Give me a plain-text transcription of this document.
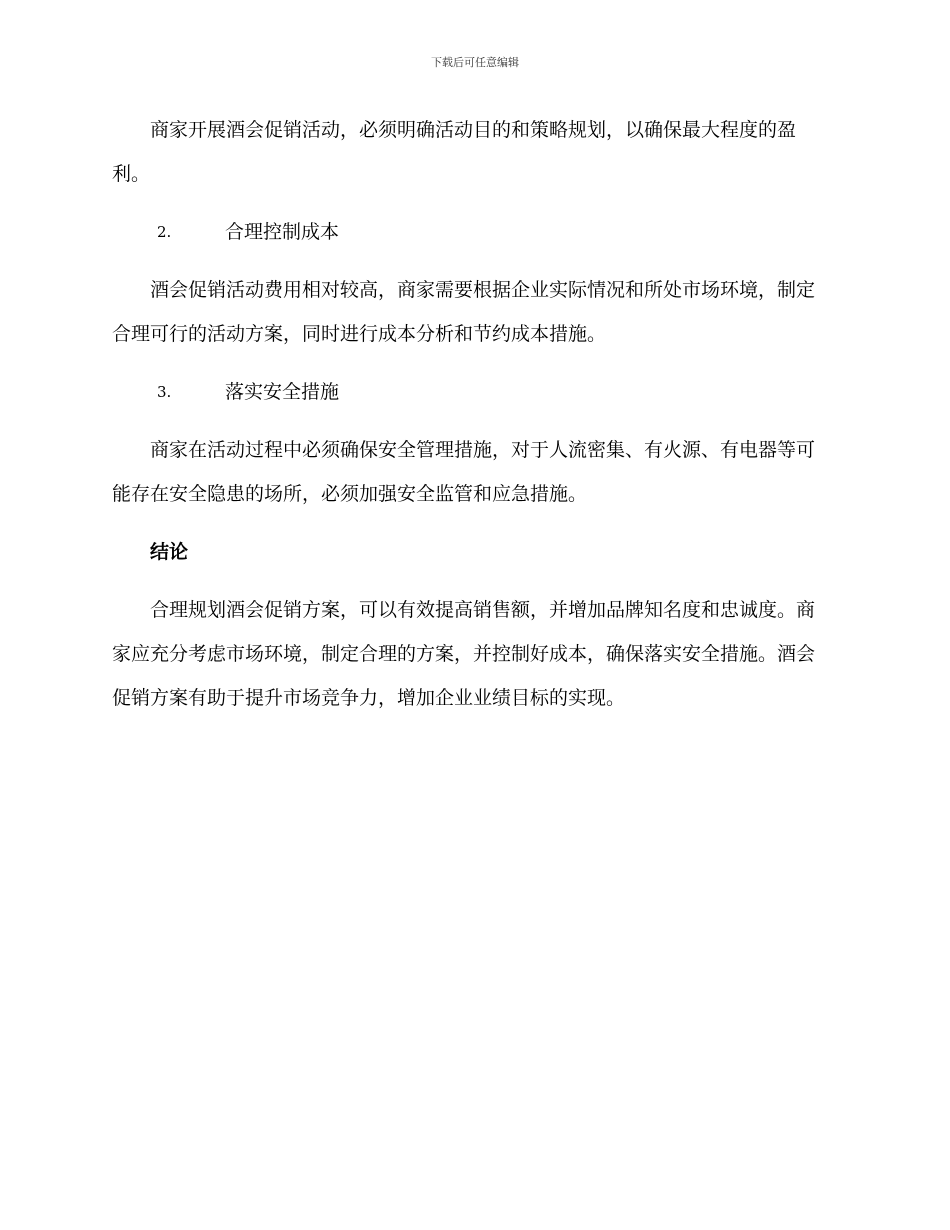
下载后可任意编辑

商家开展酒会促销活动，必须明确活动目的和策略规划，以确保最大程度的盈利。

2.	合理控制成本

酒会促销活动费用相对较高，商家需要根据企业实际情况和所处市场环境，制定合理可行的活动方案，同时进行成本分析和节约成本措施。

3.	落实安全措施

商家在活动过程中必须确保安全管理措施，对于人流密集、有火源、有电器等可能存在安全隐患的场所，必须加强安全监管和应急措施。

结论

合理规划酒会促销方案，可以有效提高销售额，并增加品牌知名度和忠诚度。商家应充分考虑市场环境，制定合理的方案，并控制好成本，确保落实安全措施。酒会促销方案有助于提升市场竞争力，增加企业业绩目标的实现。
